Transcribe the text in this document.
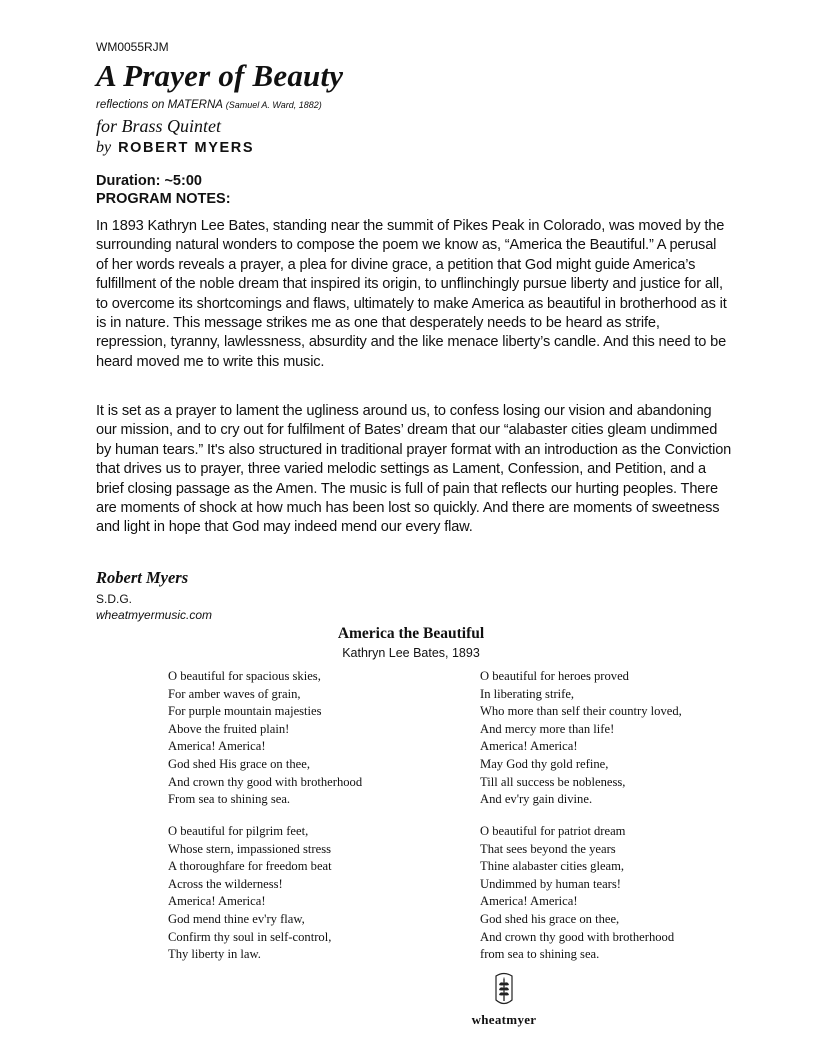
WM0055RJM
A Prayer of Beauty
reflections on MATERNA (Samuel A. Ward, 1882)
for Brass Quintet
by ROBERT MYERS
Duration: ~5:00
PROGRAM NOTES:

In 1893 Kathryn Lee Bates, standing near the summit of Pikes Peak in Colorado, was moved by the surrounding natural wonders to compose the poem we know as, “America the Beautiful.” A perusal of her words reveals a prayer, a plea for divine grace, a petition that God might guide America’s fulfillment of the noble dream that inspired its origin, to unflinchingly pursue liberty and justice for all, to overcome its shortcomings and flaws, ultimately to make America as beautiful in brotherhood as it is in nature. This message strikes me as one that desperately needs to be heard as strife, repression, tyranny, lawlessness, absurdity and the like menace liberty’s candle. And this need to be heard moved me to write this music.

It is set as a prayer to lament the ugliness around us, to confess losing our vision and abandoning our mission, and to cry out for fulfilment of Bates’ dream that our “alabaster cities gleam undimmed by human tears.” It's also structured in traditional prayer format with an introduction as the Conviction that drives us to prayer, three varied melodic settings as Lament, Confession, and Petition, and a brief closing passage as the Amen. The music is full of pain that reflects our hurting peoples. There are moments of shock at how much has been lost so quickly. And there are moments of sweetness and light in hope that God may indeed mend our every flaw.

Robert Myers
S.D.G.
wheatmyermusic.com
America the Beautiful
Kathryn Lee Bates, 1893
O beautiful for spacious skies,
For amber waves of grain,
For purple mountain majesties
Above the fruited plain!
America! America!
God shed His grace on thee,
And crown thy good with brotherhood
From sea to shining sea.
O beautiful for heroes proved
In liberating strife,
Who more than self their country loved,
And mercy more than life!
America! America!
May God thy gold refine,
Till all success be nobleness,
And ev'ry gain divine.
O beautiful for pilgrim feet,
Whose stern, impassioned stress
A thoroughfare for freedom beat
Across the wilderness!
America! America!
God mend thine ev'ry flaw,
Confirm thy soul in self-control,
Thy liberty in law.
O beautiful for patriot dream
That sees beyond the years
Thine alabaster cities gleam,
Undimmed by human tears!
America! America!
God shed his grace on thee,
And crown thy good with brotherhood
from sea to shining sea.
wheatmyer
